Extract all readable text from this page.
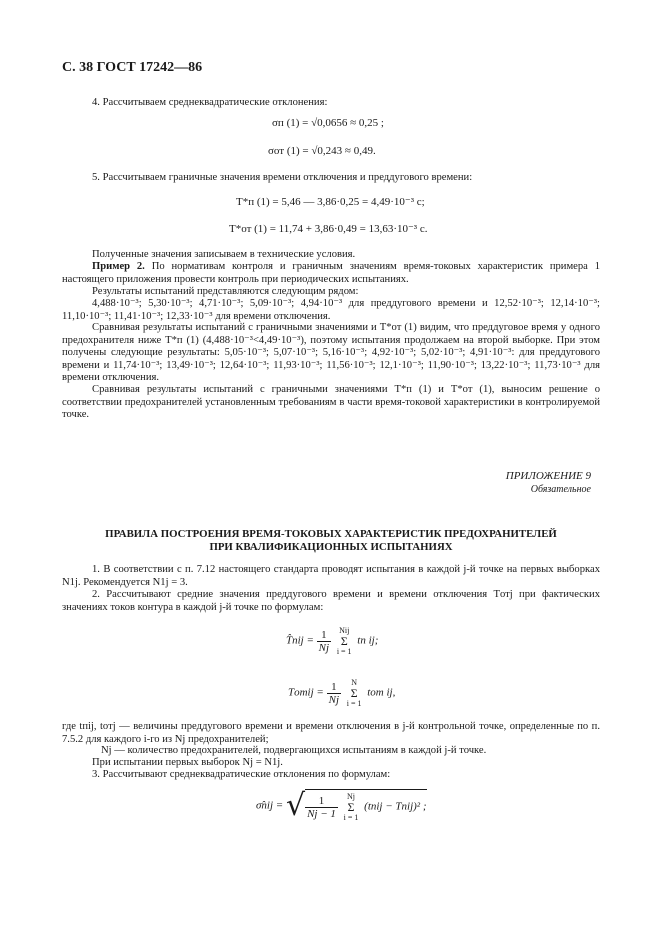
С. 38 ГОСТ 17242—86
4. Рассчитываем среднеквадратические отклонения:
σп (1) = √0,0656 ≈ 0,25 ;
σот (1) = √0,243 ≈ 0,49.
5. Рассчитываем граничные значения времени отключения и преддугового времени:
T*п (1) = 5,46 — 3,86·0,25 = 4,49·10⁻³ с;
T*от (1) = 11,74 + 3,86·0,49 = 13,63·10⁻³ с.
Полученные значения записываем в технические условия.
Пример 2. По нормативам контроля и граничным значениям время-токовых характеристик примера 1 настоящего приложения провести контроль при периодических испытаниях.
Результаты испытаний представляются следующим рядом:
4,488·10⁻³; 5,30·10⁻³; 4,71·10⁻³; 5,09·10⁻³; 4,94·10⁻³ для преддугового времени и 12,52·10⁻³; 12,14·10⁻³; 11,10·10⁻³; 11,41·10⁻³; 12,33·10⁻³ для времени отключения.
Сравнивая результаты испытаний с граничными значениями и T*от (1) видим, что преддуговое время у одного предохранителя ниже T*п (1) (4,488·10⁻³<4,49·10⁻³), поэтому испытания продолжаем на второй выборке. При этом получены следующие результаты: 5,05·10⁻³; 5,07·10⁻³; 5,16·10⁻³; 4,92·10⁻³; 5,02·10⁻³; 4,91·10⁻³: для преддугового времени и 11,74·10⁻³; 13,49·10⁻³; 12,64·10⁻³; 11,93·10⁻³; 11,56·10⁻³; 12,1·10⁻³; 11,90·10⁻³; 13,22·10⁻³; 11,73·10⁻³ для времени отключения.
Сравнивая результаты испытаний с граничными значениями T*п (1) и T*от (1), выносим решение о соответствии предохранителей установленным требованиям в части время-токовой характеристики в контролируемой точке.
ПРИЛОЖЕНИЕ 9
Обязательное
ПРАВИЛА ПОСТРОЕНИЯ ВРЕМЯ-ТОКОВЫХ ХАРАКТЕРИСТИК ПРЕДОХРАНИТЕЛЕЙ
ПРИ КВАЛИФИКАЦИОННЫХ ИСПЫТАНИЯХ
1. В соответствии с п. 7.12 настоящего стандарта проводят испытания в каждой j-й точке на первых выборках N1j. Рекомендуется N1j = 3.
2. Рассчитывают средние значения преддугового времени и времени отключения Tотj при фактических значениях токов контура в каждой j-й точке по формулам:
T̂пij = $\frac{1}{Nj}$
Nij
Σ
i = 1
tп ij;
Tотij = $\frac{1}{Nj}$
	N
Σ
i = 1
tот ij,
где tпij, tотj — величины преддугового времени и времени отключения в j-й контрольной точке, определенные по п. 7.5.2 для каждого i-го из Nj предохранителей;
Nj — количество предохранителей, подвергающихся испытаниям в каждой j-й точке.
При испытании первых выборок Nj = N1j.
3. Рассчитывают среднеквадратические отклонения по формулам:
σ̂пij = √ $\frac{1}{Nj - 1}$
	Nj
Σ
i = 1
(tпij − Tпij)² ;
